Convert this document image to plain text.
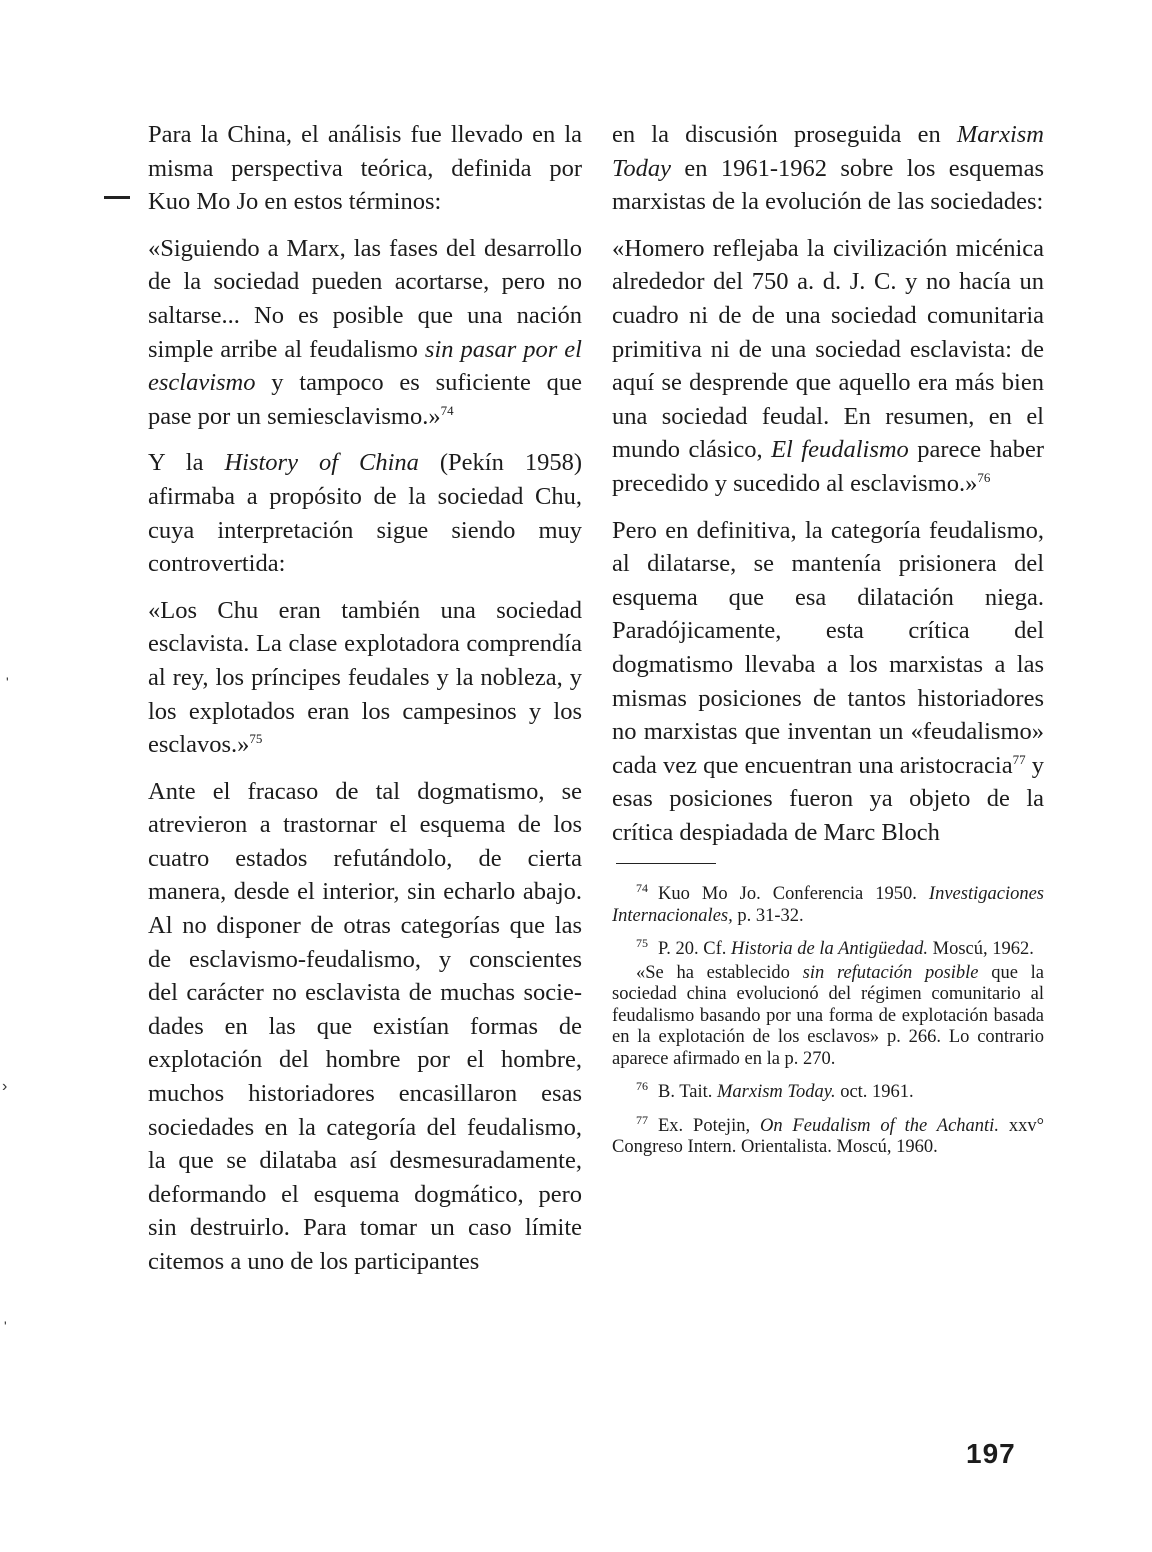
'
›
'

Para la China, el análisis fue llevado en la misma perspectiva teórica, definida por Kuo Mo Jo en estos términos:

«Siguiendo a Marx, las fases del desarrollo de la sociedad pueden acortarse, pero no saltarse... No es posible que una nación simple arribe al feudalismo sin pasar por el esclavismo y tampoco es suficiente que pase por un semiesclavismo.»$^{74}$

Y la History of China (Pekín 1958) afirmaba a propósito de la sociedad Chu, cuya interpretación sigue siendo muy controvertida:

«Los Chu eran también una sociedad esclavista. La clase explotadora comprendía al rey, los príncipes feudales y la nobleza, y los explotados eran los campesinos y los esclavos.»$^{75}$

Ante el fracaso de tal dogmatismo, se atrevieron a trastornar el esquema de los cuatro estados refutándolo, de cierta manera, desde el interior, sin echarlo abajo. Al no disponer de otras categorías que las de esclavismo-feudalismo, y conscientes del carácter no esclavista de muchas sociedades en las que existían formas de explotación del hombre por el hombre, muchos historiadores encasillaron esas sociedades en la categoría del feudalismo, la que se dilataba así desmesuradamente, deformando el esquema dogmático, pero sin destruirlo. Para tomar un caso límite citemos a uno de los participantes

en la discusión proseguida en Marxism Today en 1961-1962 sobre los esquemas marxistas de la evolución de las sociedades:

«Homero reflejaba la civilización micénica alrededor del 750 a. d. J. C. y no hacía un cuadro ni de de una sociedad comunitaria primitiva ni de una sociedad esclavista: de aquí se desprende que aquello era más bien una sociedad feudal. En resumen, en el mundo clásico, El feudalismo parece haber precedido y sucedido al esclavismo.»$^{76}$

Pero en definitiva, la categoría feudalismo, al dilatarse, se mantenía prisionera del esquema que esa dilatación niega. Paradójicamente, esta crítica del dogmatismo llevaba a los marxistas a las mismas posiciones de tantos historiadores no marxistas que inventan un «feudalismo» cada vez que encuentran una aristocracia$^{77}$ y esas posiciones fueron ya objeto de la crítica despiadada de Marc Bloch

$^{74}$ Kuo Mo Jo. Conferencia 1950. Investigaciones Internacionales, p. 31-32.

$^{75}$ P. 20. Cf. Historia de la Antigüedad. Moscú, 1962.

«Se ha establecido sin refutación posible que la sociedad china evolucionó del régimen comunitario al feudalismo basando por una forma de explotación basada en la explotación de los esclavos» p. 266. Lo contrario aparece afirmado en la p. 270.

$^{76}$ B. Tait. Marxism Today. oct. 1961.

$^{77}$ Ex. Potejin, On Feudalism of the Achanti. xxv° Congreso Intern. Orientalista. Moscú, 1960.

197
